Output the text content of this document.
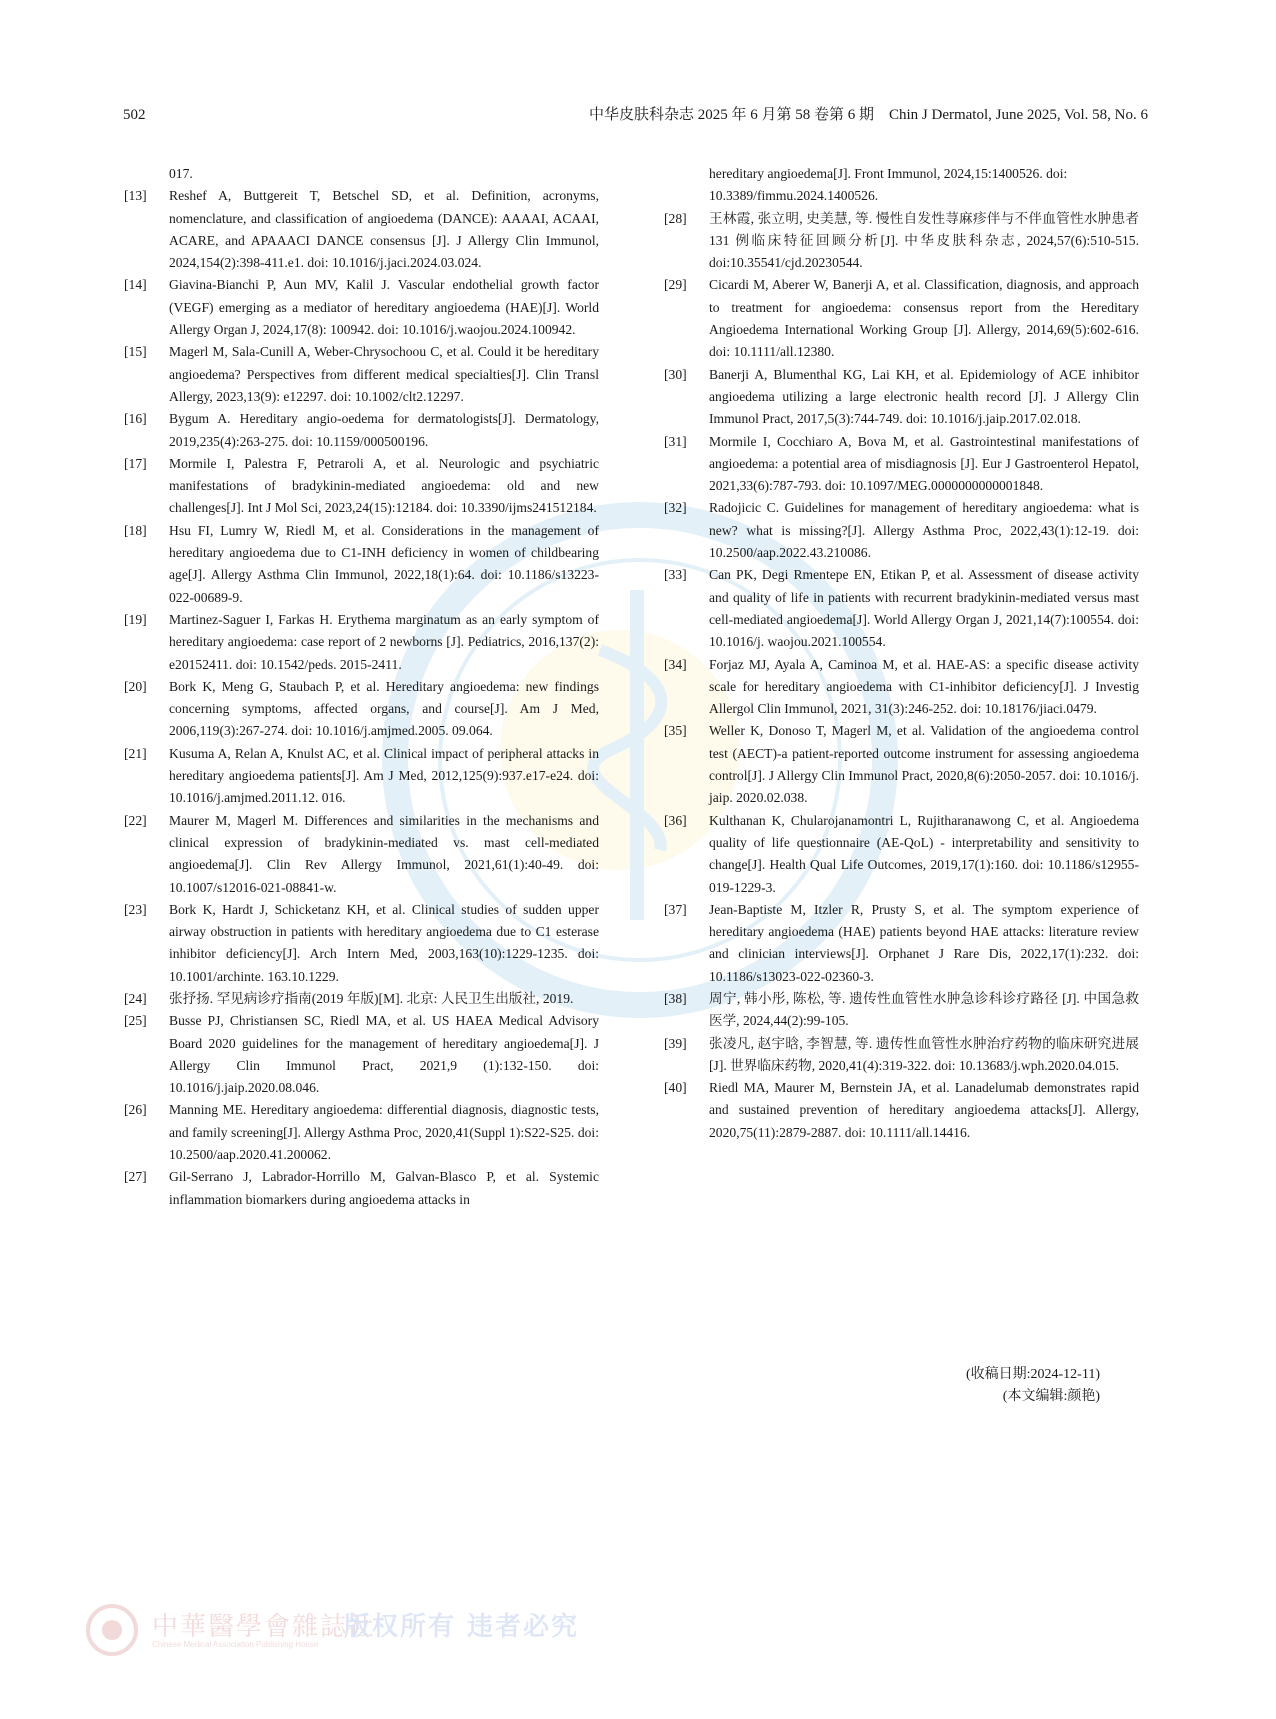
502	中华皮肤科杂志 2025 年 6 月第 58 卷第 6 期　Chin J Dermatol, June 2025, Vol. 58, No. 6
017.
[13]	Reshef A, Buttgereit T, Betschel SD, et al. Definition, acronyms, nomenclature, and classification of angioedema (DANCE): AAAAI, ACAAI, ACARE, and APAAACI DANCE consensus [J]. J Allergy Clin Immunol, 2024,154(2):398-411.e1. doi: 10.1016/j.jaci.2024.03.024.
[14]	Giavina-Bianchi P, Aun MV, Kalil J. Vascular endothelial growth factor (VEGF) emerging as a mediator of hereditary angioedema (HAE)[J]. World Allergy Organ J, 2024,17(8): 100942. doi: 10.1016/j.waojou.2024.100942.
[15]	Magerl M, Sala-Cunill A, Weber-Chrysochoou C, et al. Could it be hereditary angioedema? Perspectives from different medical specialties[J]. Clin Transl Allergy, 2023,13(9): e12297. doi: 10.1002/clt2.12297.
[16]	Bygum A. Hereditary angio-oedema for dermatologists[J]. Dermatology, 2019,235(4):263-275. doi: 10.1159/000500196.
[17]	Mormile I, Palestra F, Petraroli A, et al. Neurologic and psychiatric manifestations of bradykinin-mediated angioedema: old and new challenges[J]. Int J Mol Sci, 2023,24(15):12184. doi: 10.3390/ijms241512184.
[18]	Hsu FI, Lumry W, Riedl M, et al. Considerations in the management of hereditary angioedema due to C1-INH deficiency in women of childbearing age[J]. Allergy Asthma Clin Immunol, 2022,18(1):64. doi: 10.1186/s13223-022-00689-9.
[19]	Martinez-Saguer I, Farkas H. Erythema marginatum as an early symptom of hereditary angioedema: case report of 2 newborns [J]. Pediatrics, 2016,137(2): e20152411. doi: 10.1542/peds. 2015-2411.
[20]	Bork K, Meng G, Staubach P, et al. Hereditary angioedema: new findings concerning symptoms, affected organs, and course[J]. Am J Med, 2006,119(3):267-274. doi: 10.1016/j.amjmed.2005. 09.064.
[21]	Kusuma A, Relan A, Knulst AC, et al. Clinical impact of peripheral attacks in hereditary angioedema patients[J]. Am J Med, 2012,125(9):937.e17-e24. doi: 10.1016/j.amjmed.2011.12. 016.
[22]	Maurer M, Magerl M. Differences and similarities in the mechanisms and clinical expression of bradykinin-mediated vs. mast cell-mediated angioedema[J]. Clin Rev Allergy Immunol, 2021,61(1):40-49. doi: 10.1007/s12016-021-08841-w.
[23]	Bork K, Hardt J, Schicketanz KH, et al. Clinical studies of sudden upper airway obstruction in patients with hereditary angioedema due to C1 esterase inhibitor deficiency[J]. Arch Intern Med, 2003,163(10):1229-1235. doi: 10.1001/archinte. 163.10.1229.
[24]	张抒扬. 罕见病诊疗指南(2019 年版)[M]. 北京: 人民卫生出版社, 2019.
[25]	Busse PJ, Christiansen SC, Riedl MA, et al. US HAEA Medical Advisory Board 2020 guidelines for the management of hereditary angioedema[J]. J Allergy Clin Immunol Pract, 2021,9 (1):132-150. doi: 10.1016/j.jaip.2020.08.046.
[26]	Manning ME. Hereditary angioedema: differential diagnosis, diagnostic tests, and family screening[J]. Allergy Asthma Proc, 2020,41(Suppl 1):S22-S25. doi: 10.2500/aap.2020.41.200062.
[27]	Gil-Serrano J, Labrador-Horrillo M, Galvan-Blasco P, et al. Systemic inflammation biomarkers during angioedema attacks in
hereditary angioedema[J]. Front Immunol, 2024,15:1400526. doi: 10.3389/fimmu.2024.1400526.
[28]	王林霞, 张立明, 史美慧, 等. 慢性自发性荨麻疹伴与不伴血管性水肿患者 131 例临床特征回顾分析[J]. 中华皮肤科杂志, 2024,57(6):510-515. doi:10.35541/cjd.20230544.
[29]	Cicardi M, Aberer W, Banerji A, et al. Classification, diagnosis, and approach to treatment for angioedema: consensus report from the Hereditary Angioedema International Working Group [J]. Allergy, 2014,69(5):602-616. doi: 10.1111/all.12380.
[30]	Banerji A, Blumenthal KG, Lai KH, et al. Epidemiology of ACE inhibitor angioedema utilizing a large electronic health record [J]. J Allergy Clin Immunol Pract, 2017,5(3):744-749. doi: 10.1016/j.jaip.2017.02.018.
[31]	Mormile I, Cocchiaro A, Bova M, et al. Gastrointestinal manifestations of angioedema: a potential area of misdiagnosis [J]. Eur J Gastroenterol Hepatol, 2021,33(6):787-793. doi: 10.1097/MEG.0000000000001848.
[32]	Radojicic C. Guidelines for management of hereditary angioedema: what is new? what is missing?[J]. Allergy Asthma Proc, 2022,43(1):12-19. doi: 10.2500/aap.2022.43.210086.
[33]	Can PK, Degi Rmentepe EN, Etikan P, et al. Assessment of disease activity and quality of life in patients with recurrent bradykinin-mediated versus mast cell-mediated angioedema[J]. World Allergy Organ J, 2021,14(7):100554. doi: 10.1016/j. waojou.2021.100554.
[34]	Forjaz MJ, Ayala A, Caminoa M, et al. HAE-AS: a specific disease activity scale for hereditary angioedema with C1-inhibitor deficiency[J]. J Investig Allergol Clin Immunol, 2021, 31(3):246-252. doi: 10.18176/jiaci.0479.
[35]	Weller K, Donoso T, Magerl M, et al. Validation of the angioedema control test (AECT)-a patient-reported outcome instrument for assessing angioedema control[J]. J Allergy Clin Immunol Pract, 2020,8(6):2050-2057. doi: 10.1016/j. jaip. 2020.02.038.
[36]	Kulthanan K, Chularojanamontri L, Rujitharanawong C, et al. Angioedema quality of life questionnaire (AE-QoL) - interpretability and sensitivity to change[J]. Health Qual Life Outcomes, 2019,17(1):160. doi: 10.1186/s12955-019-1229-3.
[37]	Jean-Baptiste M, Itzler R, Prusty S, et al. The symptom experience of hereditary angioedema (HAE) patients beyond HAE attacks: literature review and clinician interviews[J]. Orphanet J Rare Dis, 2022,17(1):232. doi: 10.1186/s13023-022-02360-3.
[38]	周宁, 韩小彤, 陈松, 等. 遗传性血管性水肿急诊科诊疗路径 [J]. 中国急救医学, 2024,44(2):99-105.
[39]	张凌凡, 赵宇晗, 李智慧, 等. 遗传性血管性水肿治疗药物的临床研究进展[J]. 世界临床药物, 2020,41(4):319-322. doi: 10.13683/j.wph.2020.04.015.
[40]	Riedl MA, Maurer M, Bernstein JA, et al. Lanadelumab demonstrates rapid and sustained prevention of hereditary angioedema attacks[J]. Allergy, 2020,75(11):2879-2887. doi: 10.1111/all.14416.
(收稿日期:2024-12-11)
(本文编辑:颜艳)
中華醫學會雜誌社
Chinese Medical Association Publishing House
版权所有 违者必究
